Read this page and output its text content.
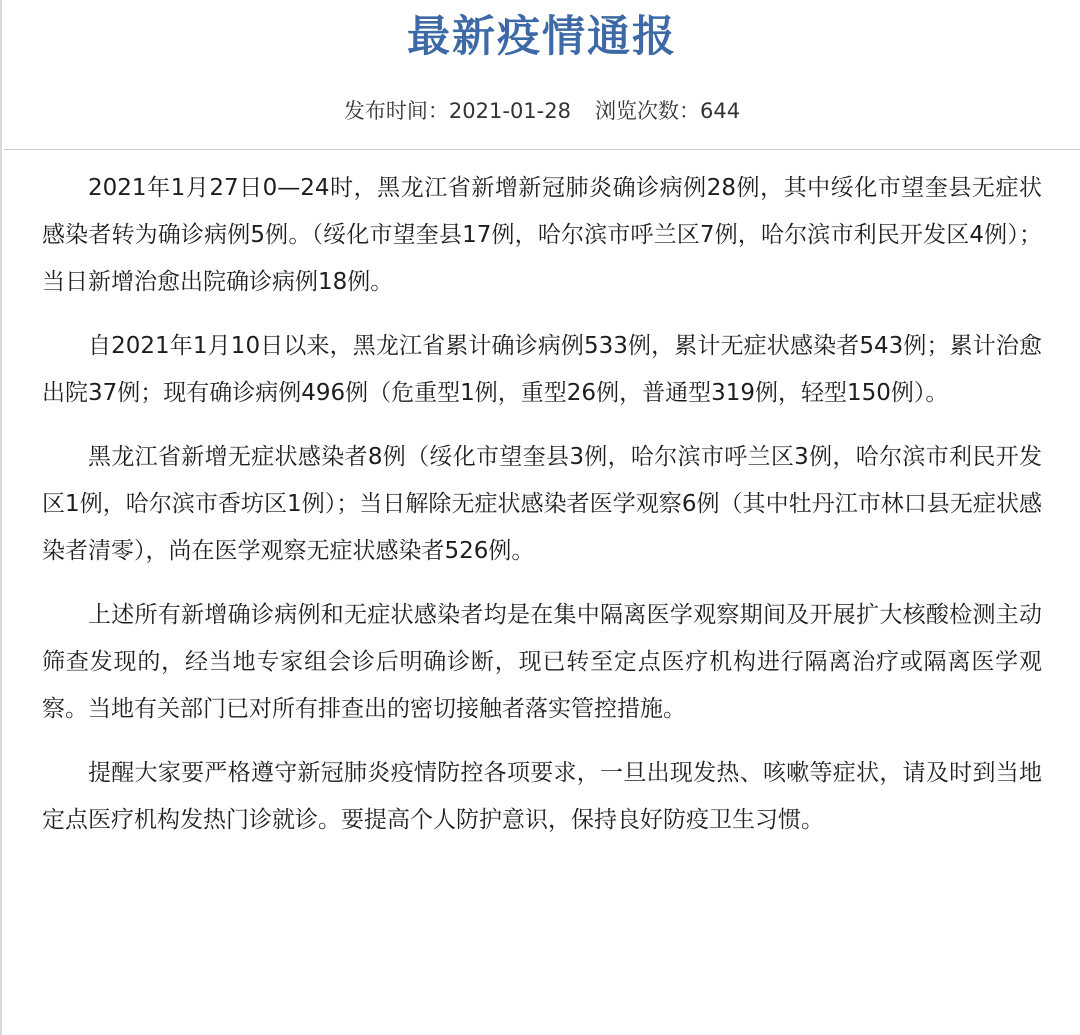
最新疫情通报
发布时间：2021-01-28 浏览次数：644

2021年1月27日0—24时，黑龙江省新增新冠肺炎确诊病例28例，其中绥化市望奎县无症状感染者转为确诊病例5例。（绥化市望奎县17例，哈尔滨市呼兰区7例，哈尔滨市利民开发区4例）；当日新增治愈出院确诊病例18例。

自2021年1月10日以来，黑龙江省累计确诊病例533例，累计无症状感染者543例；累计治愈出院37例；现有确诊病例496例（危重型1例，重型26例，普通型319例，轻型150例）。

黑龙江省新增无症状感染者8例（绥化市望奎县3例，哈尔滨市呼兰区3例，哈尔滨市利民开发区1例，哈尔滨市香坊区1例）；当日解除无症状感染者医学观察6例（其中牡丹江市林口县无症状感染者清零），尚在医学观察无症状感染者526例。

上述所有新增确诊病例和无症状感染者均是在集中隔离医学观察期间及开展扩大核酸检测主动筛查发现的，经当地专家组会诊后明确诊断，现已转至定点医疗机构进行隔离治疗或隔离医学观察。当地有关部门已对所有排查出的密切接触者落实管控措施。

提醒大家要严格遵守新冠肺炎疫情防控各项要求，一旦出现发热、咳嗽等症状，请及时到当地定点医疗机构发热门诊就诊。要提高个人防护意识，保持良好防疫卫生习惯。
